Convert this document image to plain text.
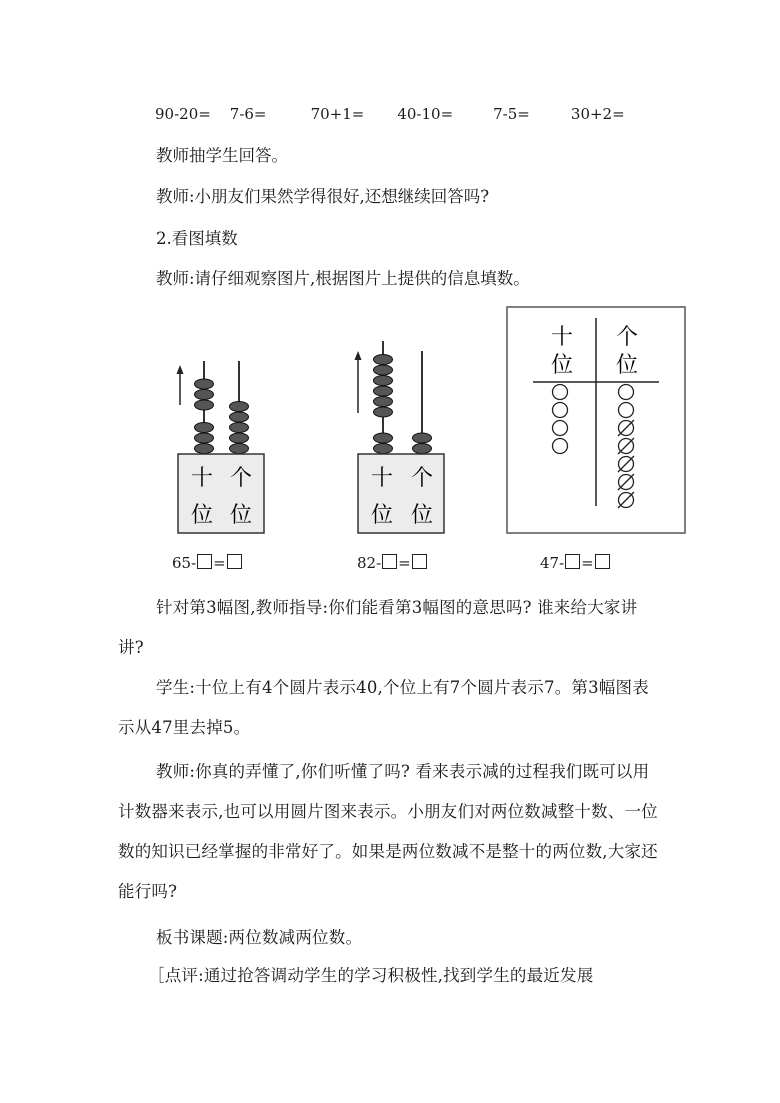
90-20= 7-6=	70+1= 40-10=	7-5=	30+2=
教师抽学生回答。
教师:小朋友们果然学得很好,还想继续回答吗?
2.看图填数
教师:请仔细观察图片,根据图片上提供的信息填数。
十 个
位 位
65- =
十 个
位 位
82- =
十
位
个
位
47- =
针对第3幅图,教师指导:你们能看第3幅图的意思吗? 谁来给大家讲讲?
学生:十位上有4个圆片表示40,个位上有7个圆片表示7。第3幅图表示从47里去掉5。
教师:你真的弄懂了,你们听懂了吗? 看来表示减的过程我们既可以用计数器来表示,也可以用圆片图来表示。小朋友们对两位数减整十数、一位数的知识已经掌握的非常好了。如果是两位数减不是整十的两位数,大家还能行吗?
板书课题:两位数减两位数。
［点评:通过抢答调动学生的学习积极性,找到学生的最近发展
